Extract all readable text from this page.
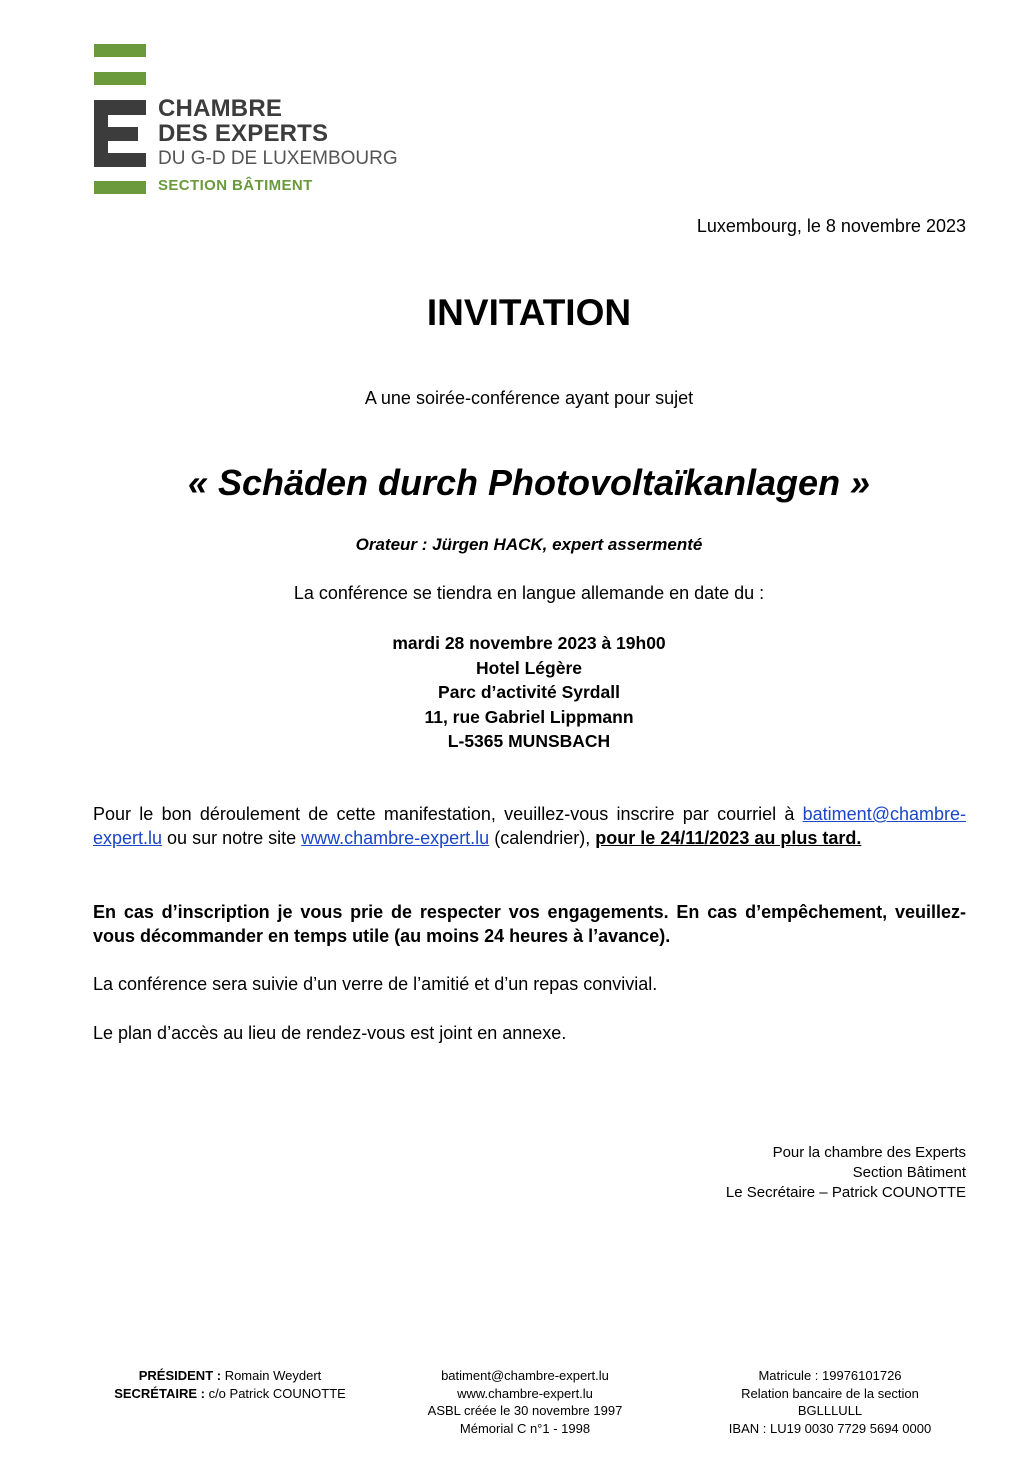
CHAMBRE
DES EXPERTS
DU G-D DE LUXEMBOURG
SECTION BÂTIMENT
Luxembourg, le 8 novembre 2023
INVITATION
A une soirée-conférence ayant pour sujet
« Schäden durch Photovoltaïkanlagen »
Orateur : Jürgen HACK, expert assermenté
La conférence se tiendra en langue allemande en date du :
mardi 28 novembre 2023 à 19h00
Hotel Légère
Parc d’activité Syrdall
11, rue Gabriel Lippmann
L-5365 MUNSBACH
Pour le bon déroulement de cette manifestation, veuillez-vous inscrire par courriel à batiment@chambre-expert.lu ou sur notre site www.chambre-expert.lu (calendrier), pour le 24/11/2023 au plus tard.
En cas d’inscription je vous prie de respecter vos engagements. En cas d’empêchement, veuillez-vous décommander en temps utile (au moins 24 heures à l’avance).
La conférence sera suivie d’un verre de l’amitié et d’un repas convivial.
Le plan d’accès au lieu de rendez-vous est joint en annexe.
Pour la chambre des Experts
Section Bâtiment
Le Secrétaire – Patrick COUNOTTE
PRÉSIDENT : Romain Weydert
SECRÉTAIRE : c/o Patrick COUNOTTE
batiment@chambre-expert.lu
www.chambre-expert.lu
ASBL créée le 30 novembre 1997
Mémorial C n°1 - 1998
Matricule : 19976101726
Relation bancaire de la section
BGLLLULL
IBAN : LU19 0030 7729 5694 0000
